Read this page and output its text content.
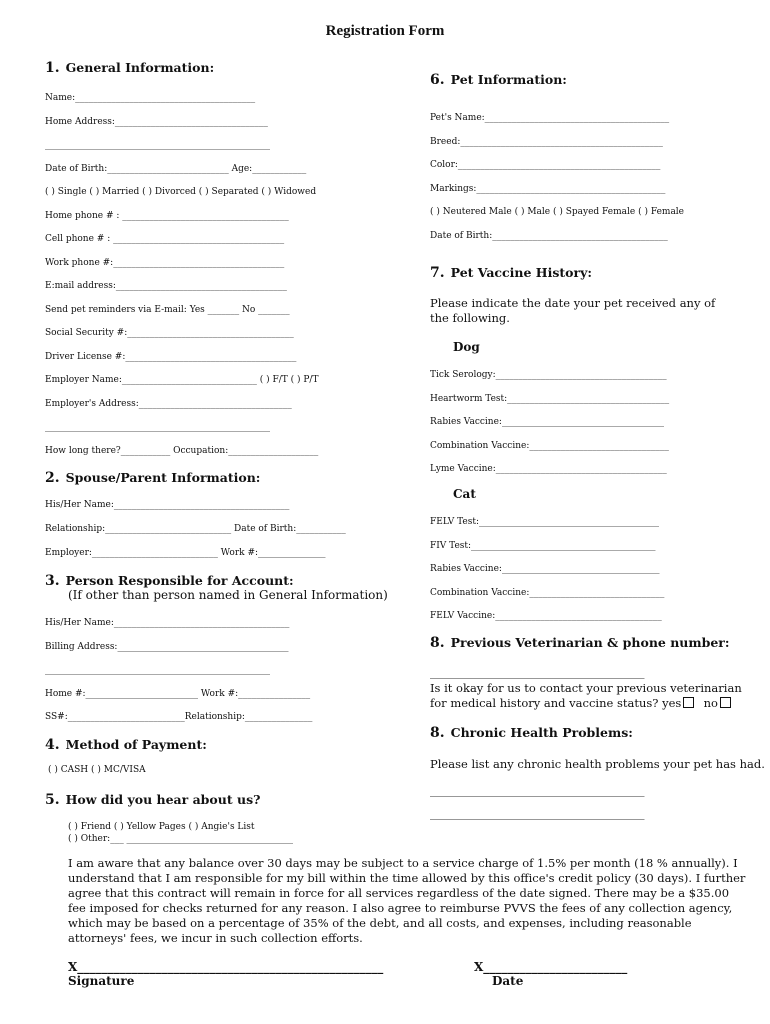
Registration Form
1. General Information:
Name:________________________________________
Home Address:__________________________________
__________________________________________________
Date of Birth:___________________________ Age:____________
( ) Single ( ) Married ( ) Divorced ( ) Separated ( ) Widowed
Home phone # : _____________________________________
Cell phone # : ______________________________________
Work phone #:______________________________________
E:mail address:______________________________________
Send pet reminders via E-mail: Yes _______ No _______
Social Security #:_____________________________________
Driver License #:______________________________________
Employer Name:______________________________ ( ) F/T ( ) P/T
Employer's Address:__________________________________
__________________________________________________
How long there?___________ Occupation:____________________
2. Spouse/Parent Information:
His/Her Name:_______________________________________
Relationship:____________________________ Date of Birth:___________
Employer:____________________________ Work #:_______________
3. Person Responsible for Account:
(If other than person named in General Information)
His/Her Name:_______________________________________
Billing Address:______________________________________
__________________________________________________
Home #:_________________________ Work #:________________
SS#:__________________________Relationship:_______________
4. Method of Payment:
( ) CASH ( ) MC/VISA
5. How did you hear about us?
( ) Friend ( ) Yellow Pages ( ) Angie's List
( ) Other:___ _____________________________________
6. Pet Information:
Pet's Name:_________________________________________
Breed:_____________________________________________
Color:_____________________________________________
Markings:__________________________________________
( ) Neutered Male ( ) Male ( ) Spayed Female ( ) Female
Date of Birth:_______________________________________
7. Pet Vaccine History:
Please indicate the date your pet received any of the following.
Dog
Tick Serology:______________________________________
Heartworm Test:____________________________________
Rabies Vaccine:____________________________________
Combination Vaccine:_______________________________
Lyme Vaccine:______________________________________
Cat
FELV Test:________________________________________
FIV Test:_________________________________________
Rabies Vaccine:___________________________________
Combination Vaccine:______________________________
FELV Vaccine:_____________________________________
8. Previous Veterinarian & phone number:
_______________________________________
Is it okay for us to contact your previous veterinarian for medical history and vaccine status? yes no
8. Chronic Health Problems:
Please list any chronic health problems your pet has had.
_______________________________________
_______________________________________
I am aware that any balance over 30 days may be subject to a service charge of 1.5% per month (18 % annually). I understand that I am responsible for my bill within the time allowed by this office's credit policy (30 days). I further agree that this contract will remain in force for all services regardless of the date signed. There may be a $35.00 fee imposed for checks returned for any reason. I also agree to reimburse PVVS the fees of any collection agency, which may be based on a percentage of 35% of the debt, and all costs, and expenses, including reasonable attorneys' fees, we incur in such collection efforts.
X___________________________________________________	X________________________
Signature	Date
